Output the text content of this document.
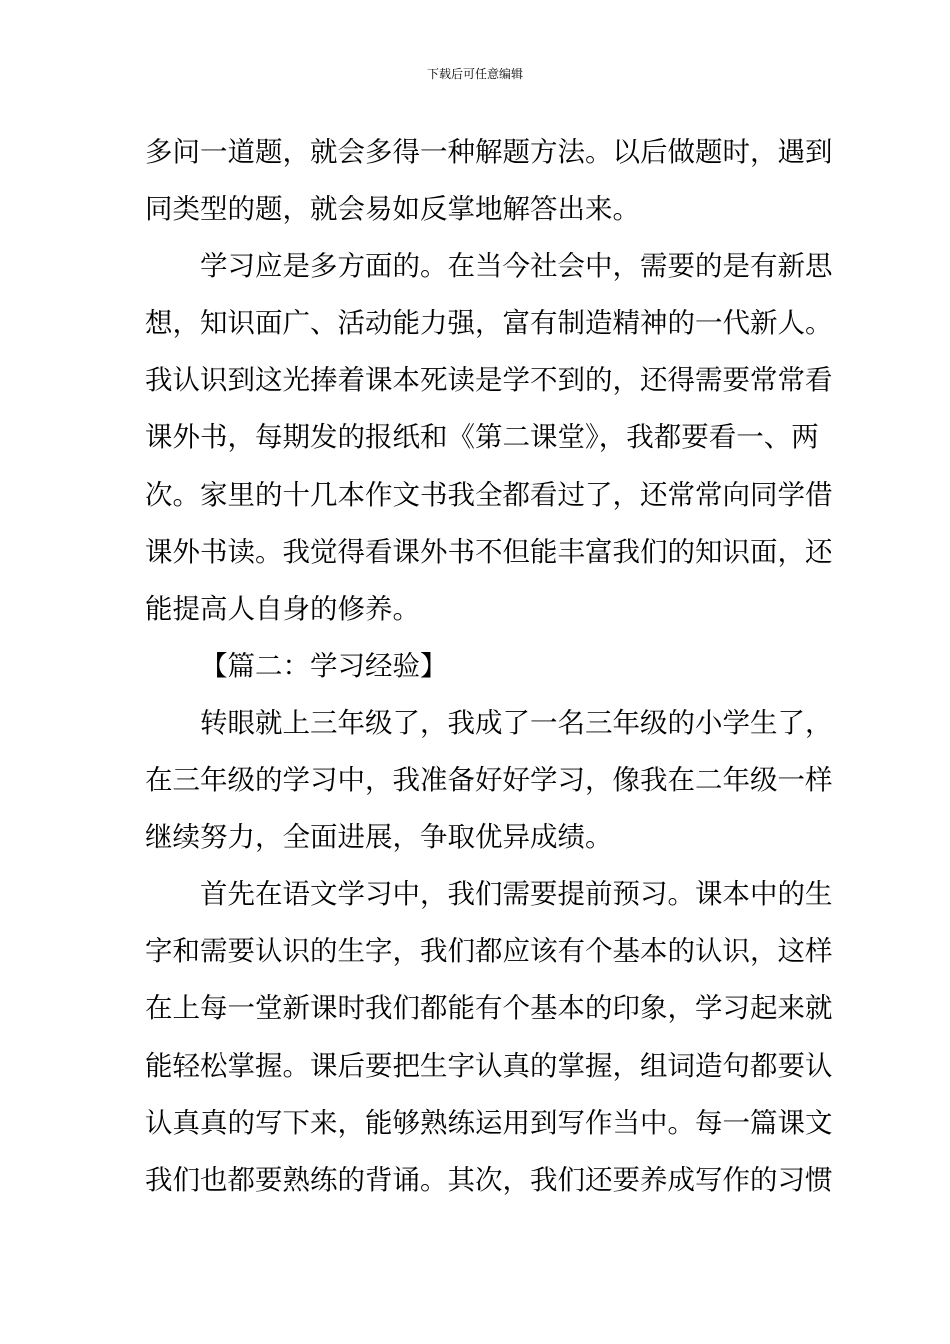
下载后可任意编辑
多问一道题，就会多得一种解题方法。以后做题时，遇到
同类型的题，就会易如反掌地解答出来。
学习应是多方面的。在当今社会中，需要的是有新思
想，知识面广、活动能力强，富有制造精神的一代新人。
我认识到这光捧着课本死读是学不到的，还得需要常常看
课外书，每期发的报纸和《第二课堂》，我都要看一、两
次。家里的十几本作文书我全都看过了，还常常向同学借
课外书读。我觉得看课外书不但能丰富我们的知识面，还
能提高人自身的修养。
【篇二：学习经验】
转眼就上三年级了，我成了一名三年级的小学生了，
在三年级的学习中，我准备好好学习，像我在二年级一样
继续努力，全面进展，争取优异成绩。
首先在语文学习中，我们需要提前预习。课本中的生
字和需要认识的生字，我们都应该有个基本的认识，这样
在上每一堂新课时我们都能有个基本的印象，学习起来就
能轻松掌握。课后要把生字认真的掌握，组词造句都要认
认真真的写下来，能够熟练运用到写作当中。每一篇课文
我们也都要熟练的背诵。其次，我们还要养成写作的习惯
